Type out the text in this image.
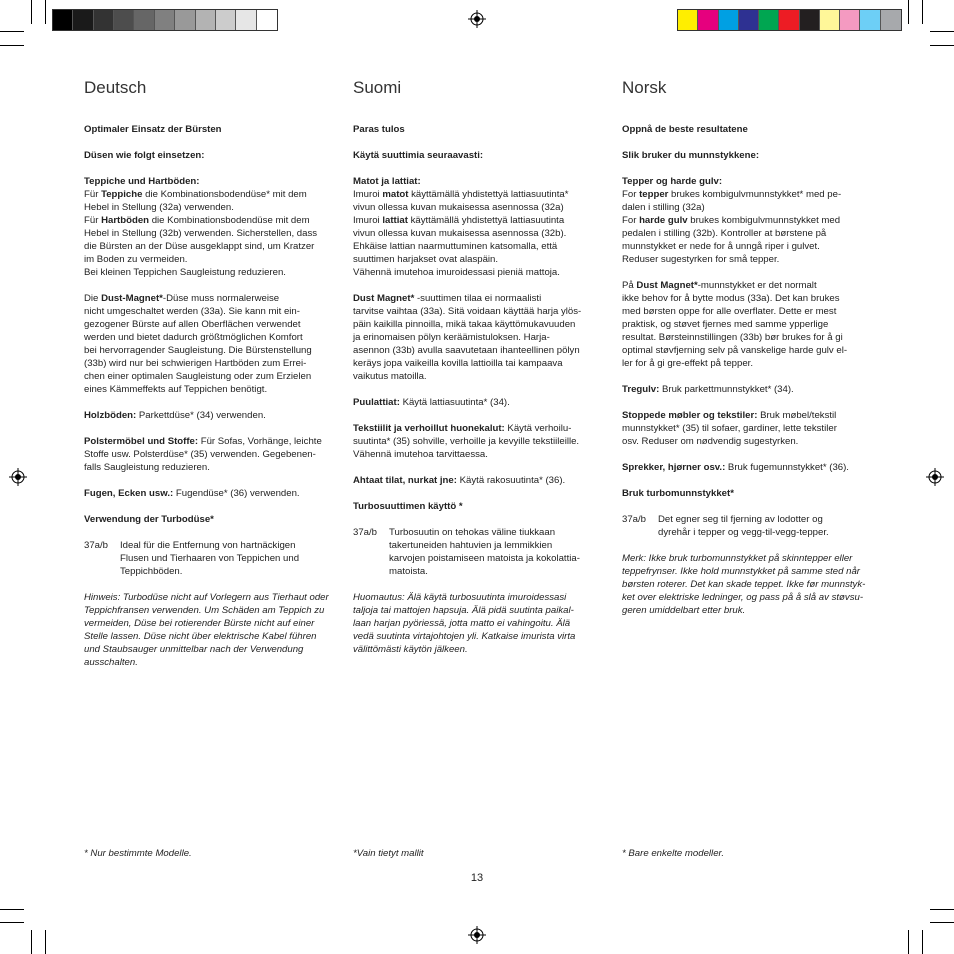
Deutsch

Optimaler Einsatz der Bürsten

Düsen wie folgt einsetzen:

Teppiche und Hartböden:

Für Teppiche die Kombinationsbodendüse* mit dem

Hebel in Stellung (32a) verwenden.

Für Hartböden die Kombinationsbodendüse mit dem

Hebel in Stellung (32b) verwenden. Sicherstellen, dass

die Bürsten an der Düse ausgeklappt sind, um Kratzer

im Boden zu vermeiden.

Bei kleinen Teppichen Saugleistung reduzieren.

Die Dust-Magnet*-Düse muss normalerweise

nicht umgeschaltet werden (33a). Sie kann mit ein-

gezogener Bürste auf allen Oberflächen verwendet

werden und bietet dadurch größtmöglichen Komfort

bei hervorragender Saugleistung. Die Bürstenstellung

(33b) wird nur bei schwierigen Hartböden zum Errei-

chen einer optimalen Saugleistung oder zum Erzielen

eines Kämmeffekts auf Teppichen benötigt.

Holzböden: Parkettdüse* (34) verwenden.

Polstermöbel und Stoffe: Für Sofas, Vorhänge, leichte

Stoffe usw. Polsterdüse* (35) verwenden. Gegebenen-

falls Saugleistung reduzieren.

Fugen, Ecken usw.: Fugendüse* (36) verwenden.

Verwendung der Turbodüse*

37a/b	Ideal für die Entfernung von hartnäckigen

Flusen und Tierhaaren von Teppichen und

Teppichböden.

Hinweis: Turbodüse nicht auf Vorlegern aus Tierhaut oder

Teppichfransen verwenden. Um Schäden am Teppich zu

vermeiden, Düse bei rotierender Bürste nicht auf einer

Stelle lassen. Düse nicht über elektrische Kabel führen

und Staubsauger unmittelbar nach der Verwendung

ausschalten.

Suomi

Paras tulos

Käytä suuttimia seuraavasti:

Matot ja lattiat:

Imuroi matot käyttämällä yhdistettyä lattiasuutinta*

vivun ollessa kuvan mukaisessa asennossa (32a)

Imuroi lattiat käyttämällä yhdistettyä lattiasuutinta

vivun ollessa kuvan mukaisessa asennossa (32b).

Ehkäise lattian naarmuttuminen katsomalla, että

suuttimen harjakset ovat alaspäin.

Vähennä imutehoa imuroidessasi pieniä mattoja.

Dust Magnet* -suuttimen tilaa ei normaalisti

tarvitse vaihtaa (33a). Sitä voidaan käyttää harja ylös-

päin kaikilla pinnoilla, mikä takaa käyttömukavuuden

ja erinomaisen pölyn keräämistuloksen. Harja-

asennon (33b) avulla saavutetaan ihanteellinen pölyn

keräys jopa vaikeilla kovilla lattioilla tai kampaava

vaikutus matoilla.

Puulattiat: Käytä lattiasuutinta* (34).

Tekstiilit ja verhoillut huonekalut: Käytä verhoilu-

suutinta* (35) sohville, verhoille ja kevyille tekstiileille.

Vähennä imutehoa tarvittaessa.

Ahtaat tilat, nurkat jne: Käytä rakosuutinta* (36).

Turbosuuttimen käyttö *

37a/b	Turbosuutin on tehokas väline tiukkaan

takertuneiden hahtuvien ja lemmikkien

karvojen poistamiseen matoista ja kokolattia-

matoista.

Huomautus: Älä käytä turbosuutinta imuroidessasi

taljoja tai mattojen hapsuja. Älä pidä suutinta paikal-

laan harjan pyöriessä, jotta matto ei vahingoitu. Älä

vedä suutinta virtajohtojen yli. Katkaise imurista virta

välittömästi käytön jälkeen.

Norsk

Oppnå de beste resultatene

Slik bruker du munnstykkene:

Tepper og harde gulv:

For tepper brukes kombigulvmunnstykket* med pe-

dalen i stilling (32a)

For harde gulv brukes kombigulvmunnstykket med

pedalen i stilling (32b). Kontroller at børstene på

munnstykket er nede for å unngå riper i gulvet.

Reduser sugestyrken for små tepper.

På Dust Magnet*-munnstykket er det normalt

ikke behov for å bytte modus (33a). Det kan brukes

med børsten oppe for alle overflater. Dette er mest

praktisk, og støvet fjernes med samme ypperlige

resultat. Børsteinnstillingen (33b) bør brukes for å gi

optimal støvfjerning selv på vanskelige harde gulv el-

ler for å gi gre-effekt på tepper.

Tregulv: Bruk parkettmunnstykket* (34).

Stoppede møbler og tekstiler: Bruk møbel/tekstil

munnstykket* (35) til sofaer, gardiner, lette tekstiler

osv. Reduser om nødvendig sugestyrken.

Sprekker, hjørner osv.: Bruk fugemunnstykket* (36).

Bruk turbomunnstykket*

37a/b	Det egner seg til fjerning av lodotter og

dyrehår i tepper og vegg-til-vegg-tepper.

Merk: Ikke bruk turbomunnstykket på skinntepper eller

teppefrynser. Ikke hold munnstykket på samme sted når

børsten roterer. Det kan skade teppet. Ikke før munnstyk-

ket over elektriske ledninger, og pass på å slå av støvsu-

geren umiddelbart etter bruk.

* Nur bestimmte Modelle.	*Vain tietyt mallit	* Bare enkelte modeller.
13
